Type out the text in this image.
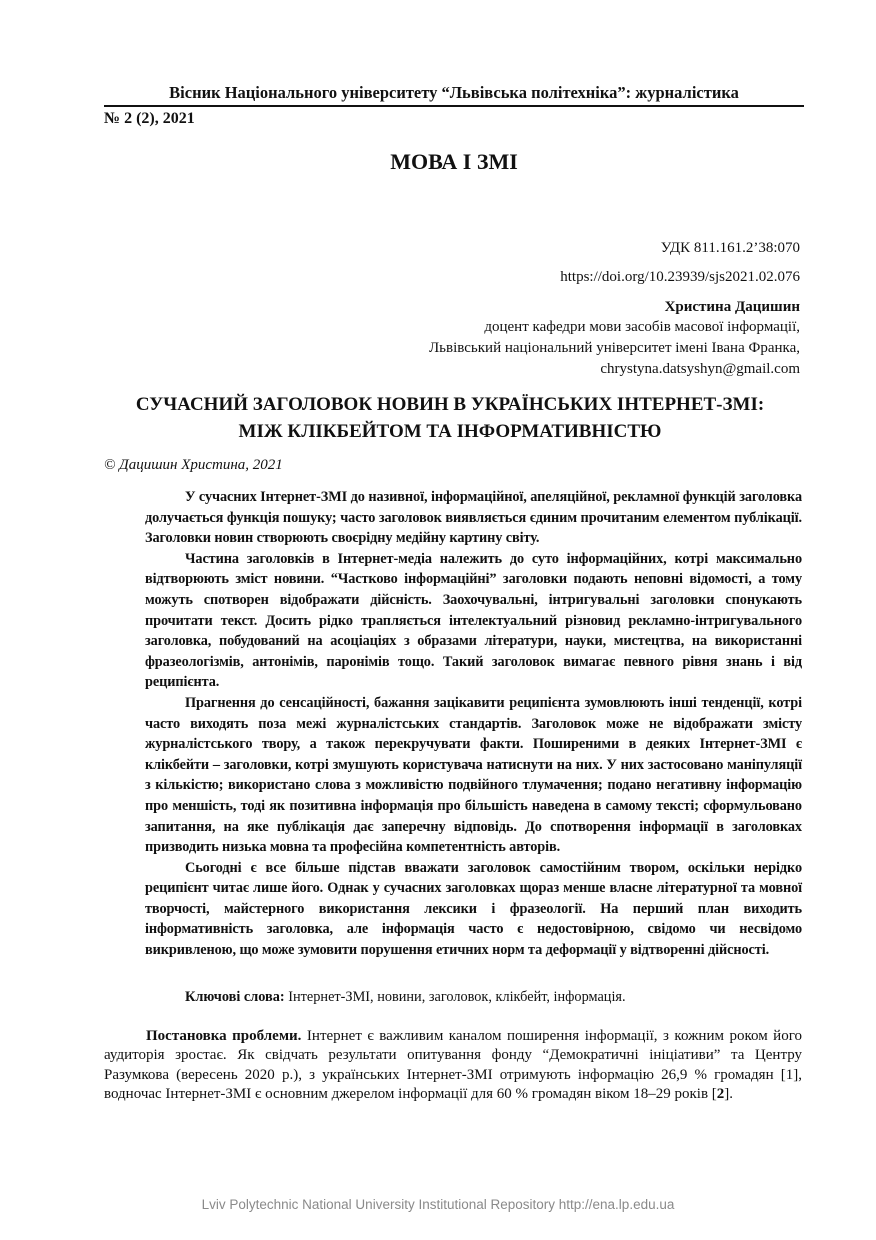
Вісник Національного університету “Львівська політехніка”: журналістика
№ 2 (2), 2021
МОВА І ЗМІ
УДК 811.161.2’38:070
https://doi.org/10.23939/sjs2021.02.076
Христина Дацишин
доцент кафедри мови засобів масової інформації,
Львівський національний університет імені Івана Франка,
chrystyna.datsyshyn@gmail.com
СУЧАСНИЙ ЗАГОЛОВОК НОВИН В УКРАЇНСЬКИХ ІНТЕРНЕТ-ЗМІ:
МІЖ КЛІКБЕЙТОМ ТА ІНФОРМАТИВНІСТЮ
© Дацишин Христина, 2021

У сучасних Інтернет-ЗМІ до називної, інформаційної, апеляційної, рекламної функцій заголовка долучається функція пошуку; часто заголовок виявляється єдиним прочитаним елементом публікації. Заголовки новин створюють своєрідну медійну картину світу.

Частина заголовків в Інтернет-медіа належить до суто інформаційних, котрі максимально відтворюють зміст новини. “Частково інформаційні” заголовки подають неповні відомості, а тому можуть спотворен відображати дійсність. Заохочувальні, інтригувальні заголовки спонукають прочитати текст. Досить рідко трапляється інтелектуальний різновид рекламно-інтригувального заголовка, побудований на асоціаціях з образами літератури, науки, мистецтва, на використанні фразеологізмів, антонімів, паронімів тощо. Такий заголовок вимагає певного рівня знань і від реципієнта.

Прагнення до сенсаційності, бажання зацікавити реципієнта зумовлюють інші тенденції, котрі часто виходять поза межі журналістських стандартів. Заголовок може не відображати змісту журналістського твору, а також перекручувати факти. Поширеними в деяких Інтернет-ЗМІ є клікбейти – заголовки, котрі змушують користувача натиснути на них. У них застосовано маніпуляції з кількістю; використано слова з можливістю подвійного тлумачення; подано негативну інформацію про меншість, тоді як позитивна інформація про більшість наведена в самому тексті; сформульовано запитання, на яке публікація дає заперечну відповідь. До спотворення інформації в заголовках призводить низька мовна та професійна компетентність авторів.

Сьогодні є все більше підстав вважати заголовок самостійним твором, оскільки нерідко реципієнт читає лише його. Однак у сучасних заголовках щораз менше власне літературної та мовної творчості, майстерного використання лексики і фразеології. На перший план виходить інформативність заголовка, але інформація часто є недостовірною, свідомо чи несвідомо викривленою, що може зумовити порушення етичних норм та деформації у відтворенні дійсності.

Ключові слова: Інтернет-ЗМІ, новини, заголовок, клікбейт, інформація.

Постановка проблеми. Інтернет є важливим каналом поширення інформації, з кожним роком його аудиторія зростає. Як свідчать результати опитування фонду “Демократичні ініціативи” та Центру Разумкова (вересень 2020 р.), з українських Інтернет-ЗМІ отримують інформацію 26,9 % громадян [1], водночас Інтернет-ЗМІ є основним джерелом інформації для 60 % громадян віком 18–29 років [2].

Lviv Polytechnic National University Institutional Repository http://ena.lp.edu.ua
